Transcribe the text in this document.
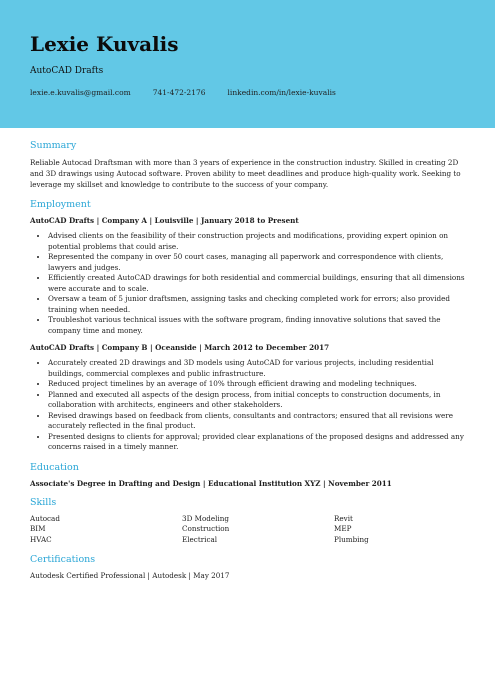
Lexie Kuvalis
AutoCAD Drafts
lexie.e.kuvalis@gmail.com	741-472-2176	linkedin.com/in/lexie-kuvalis
Summary

Reliable Autocad Draftsman with more than 3 years of experience in the construction industry. Skilled in creating 2D and 3D drawings using Autocad software. Proven ability to meet deadlines and produce high-quality work. Seeking to leverage my skillset and knowledge to contribute to the success of your company.

Employment
AutoCAD Drafts | Company A | Louisville | January 2018 to Present
• Advised clients on the feasibility of their construction projects and modifications, providing expert opinion on potential problems that could arise.
• Represented the company in over 50 court cases, managing all paperwork and correspondence with clients, lawyers and judges.
• Efficiently created AutoCAD drawings for both residential and commercial buildings, ensuring that all dimensions were accurate and to scale.
• Oversaw a team of 5 junior draftsmen, assigning tasks and checking completed work for errors; also provided training when needed.
• Troubleshot various technical issues with the software program, finding innovative solutions that saved the company time and money.
AutoCAD Drafts | Company B | Oceanside | March 2012 to December 2017
• Accurately created 2D drawings and 3D models using AutoCAD for various projects, including residential buildings, commercial complexes and public infrastructure.
• Reduced project timelines by an average of 10% through efficient drawing and modeling techniques.
• Planned and executed all aspects of the design process, from initial concepts to construction documents, in collaboration with architects, engineers and other stakeholders.
• Revised drawings based on feedback from clients, consultants and contractors; ensured that all revisions were accurately reflected in the final product.
• Presented designs to clients for approval; provided clear explanations of the proposed designs and addressed any concerns raised in a timely manner.
Education
Associate's Degree in Drafting and Design | Educational Institution XYZ | November 2011
Skills
Autocad	3D Modeling	Revit
BIM	Construction	MEP
HVAC	Electrical	Plumbing
Certifications
Autodesk Certified Professional | Autodesk | May 2017
